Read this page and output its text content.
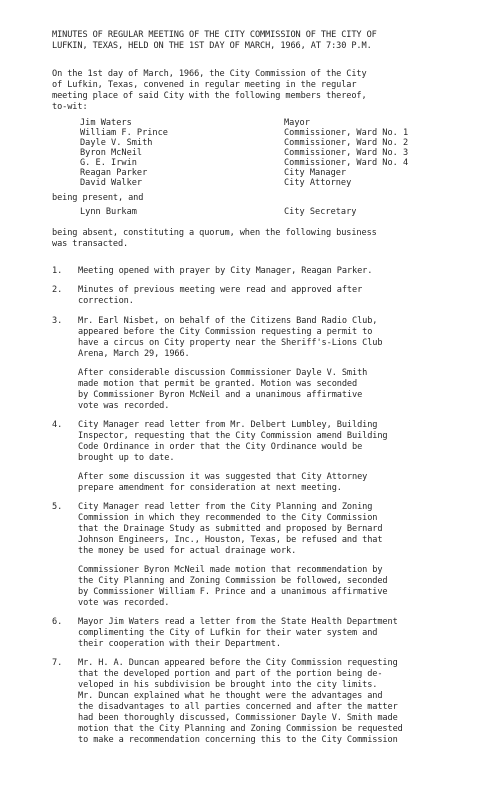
MINUTES OF REGULAR MEETING OF THE CITY COMMISSION OF THE CITY OF

LUFKIN, TEXAS, HELD ON THE 1ST DAY OF MARCH, 1966, AT 7:30 P.M.

On the 1st day of March, 1966, the City Commission of the City

of Lufkin, Texas, convened in regular meeting in the regular

meeting place of said City with the following members thereof,

to-wit:

Jim Waters	Mayor

William F. Prince	Commissioner, Ward No. 1

Dayle V. Smith	Commissioner, Ward No. 2

Byron McNeil	Commissioner, Ward No. 3

G. E. Irwin	Commissioner, Ward No. 4

Reagan Parker	City Manager

David Walker	City Attorney

being present, and

Lynn Burkam	City Secretary

being absent, constituting a quorum, when the following business

was transacted.

1. Meeting opened with prayer by City Manager, Reagan Parker.

2. Minutes of previous meeting were read and approved after

correction.

3. Mr. Earl Nisbet, on behalf of the Citizens Band Radio Club,

appeared before the City Commission requesting a permit to

have a circus on City property near the Sheriff's-Lions Club

Arena, March 29, 1966.

After considerable discussion Commissioner Dayle V. Smith

made motion that permit be granted. Motion was seconded

by Commissioner Byron McNeil and a unanimous affirmative

vote was recorded.

4. City Manager read letter from Mr. Delbert Lumbley, Building

Inspector, requesting that the City Commission amend Building

Code Ordinance in order that the City Ordinance would be

brought up to date.

After some discussion it was suggested that City Attorney

prepare amendment for consideration at next meeting.

5. City Manager read letter from the City Planning and Zoning

Commission in which they recommended to the City Commission

that the Drainage Study as submitted and proposed by Bernard

Johnson Engineers, Inc., Houston, Texas, be refused and that

the money be used for actual drainage work.

Commissioner Byron McNeil made motion that recommendation by

the City Planning and Zoning Commission be followed, seconded

by Commissioner William F. Prince and a unanimous affirmative

vote was recorded.

6. Mayor Jim Waters read a letter from the State Health Department

complimenting the City of Lufkin for their water system and

their cooperation with their Department.

7. Mr. H. A. Duncan appeared before the City Commission requesting

that the developed portion and part of the portion being de-

veloped in his subdivision be brought into the city limits.

Mr. Duncan explained what he thought were the advantages and

the disadvantages to all parties concerned and after the matter

had been thoroughly discussed, Commissioner Dayle V. Smith made

motion that the City Planning and Zoning Commission be requested

to make a recommendation concerning this to the City Commission
